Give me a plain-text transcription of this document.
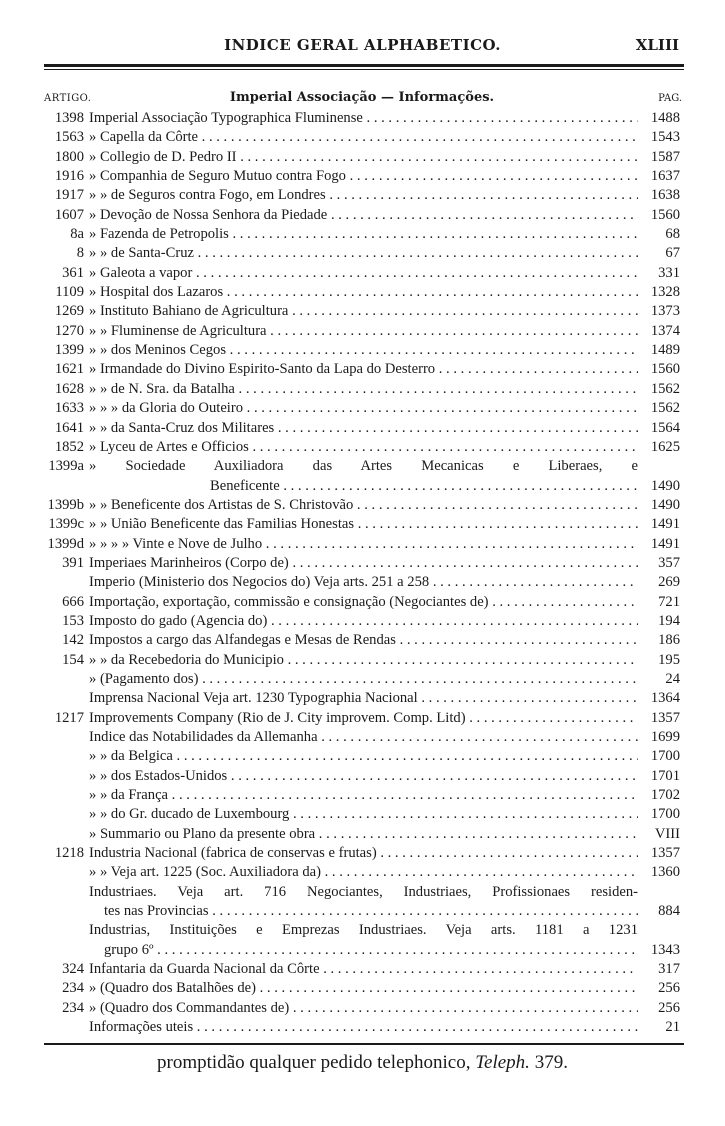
INDICE GERAL ALPHABETICO.	XLIII
Imperial Associação — Informações.
ARTIGO.	PAG.
1398 Imperial Associação Typographica Fluminense . . .	1488
1563 » Capella da Côrte . . .	1543
1800 » Collegio de D. Pedro II . . .	1587
1916 » Companhia de Seguro Mutuo contra Fogo . . .	1637
1917 » » de Seguros contra Fogo, em Londres . . .	1638
1607 » Devoção de Nossa Senhora da Piedade . . .	1560
8a » Fazenda de Petropolis . . .	68
8 » » de Santa-Cruz . . .	67
361 » Galeota a vapor . . .	331
1109 » Hospital dos Lazaros . . .	1328
1269 » Instituto Bahiano de Agricultura . . .	1373
1270 » » Fluminense de Agricultura . . .	1374
1399 » » dos Meninos Cegos . . .	1489
1621 » Irmandade do Divino Espirito-Santo da Lapa do Desterro . . .	1560
1628 » » de N. Sra. da Batalha . . .	1562
1633 » » » da Gloria do Outeiro . . .	1562
1641 » » da Santa-Cruz dos Militares . . .	1564
1852 » Lyceu de Artes e Officios . . .	1625
1399a » Sociedade Auxiliadora das Artes Mecanicas e Liberaes, e
Beneficente . . .	1490
1399b » » Beneficente dos Artistas de S. Christovão . . .	1490
1399c » » União Beneficente das Familias Honestas . . .	1491
1399d » » » » Vinte e Nove de Julho . . .	1491
391 Imperiaes Marinheiros (Corpo de) . . .	357
Imperio (Ministerio dos Negocios do) Veja arts. 251 a 258 . . .	269
666 Importação, exportação, commissão e consignação (Negociantes de) . . .	721
153 Imposto do gado (Agencia do) . . .	194
142 Impostos a cargo das Alfandegas e Mesas de Rendas . . .	186
154 » » da Recebedoria do Municipio . . .	195
» (Pagamento dos) . . .	24
Imprensa Nacional Veja art. 1230 Typographia Nacional . . .	1364
1217 Improvements Company (Rio de J. City improvem. Comp. Litd) . . .	1357
Indice das Notabilidades da Allemanha . . .	1699
» » da Belgica . . .	1700
» » dos Estados-Unidos . . .	1701
» » da França . . .	1702
» » do Gr. ducado de Luxembourg . . .	1700
» Summario ou Plano da presente obra . . .	VIII
1218 Industria Nacional (fabrica de conservas e frutas) . . .	1357
» » Veja art. 1225 (Soc. Auxiliadora da) . . .	1360
Industriaes. Veja art. 716 Negociantes, Industriaes, Profissionaes residen-
tes nas Provincias . . .	884
Industrias, Instituições e Emprezas Industriaes. Veja arts. 1181 a 1231
grupo 6º . . .	1343
324 Infantaria da Guarda Nacional da Côrte . . .	317
234 » (Quadro dos Batalhões de) . . .	256
234 » (Quadro dos Commandantes de) . . .	256
Informações uteis . . .	21
promptidão qualquer pedido telephonico, Teleph. 379.
